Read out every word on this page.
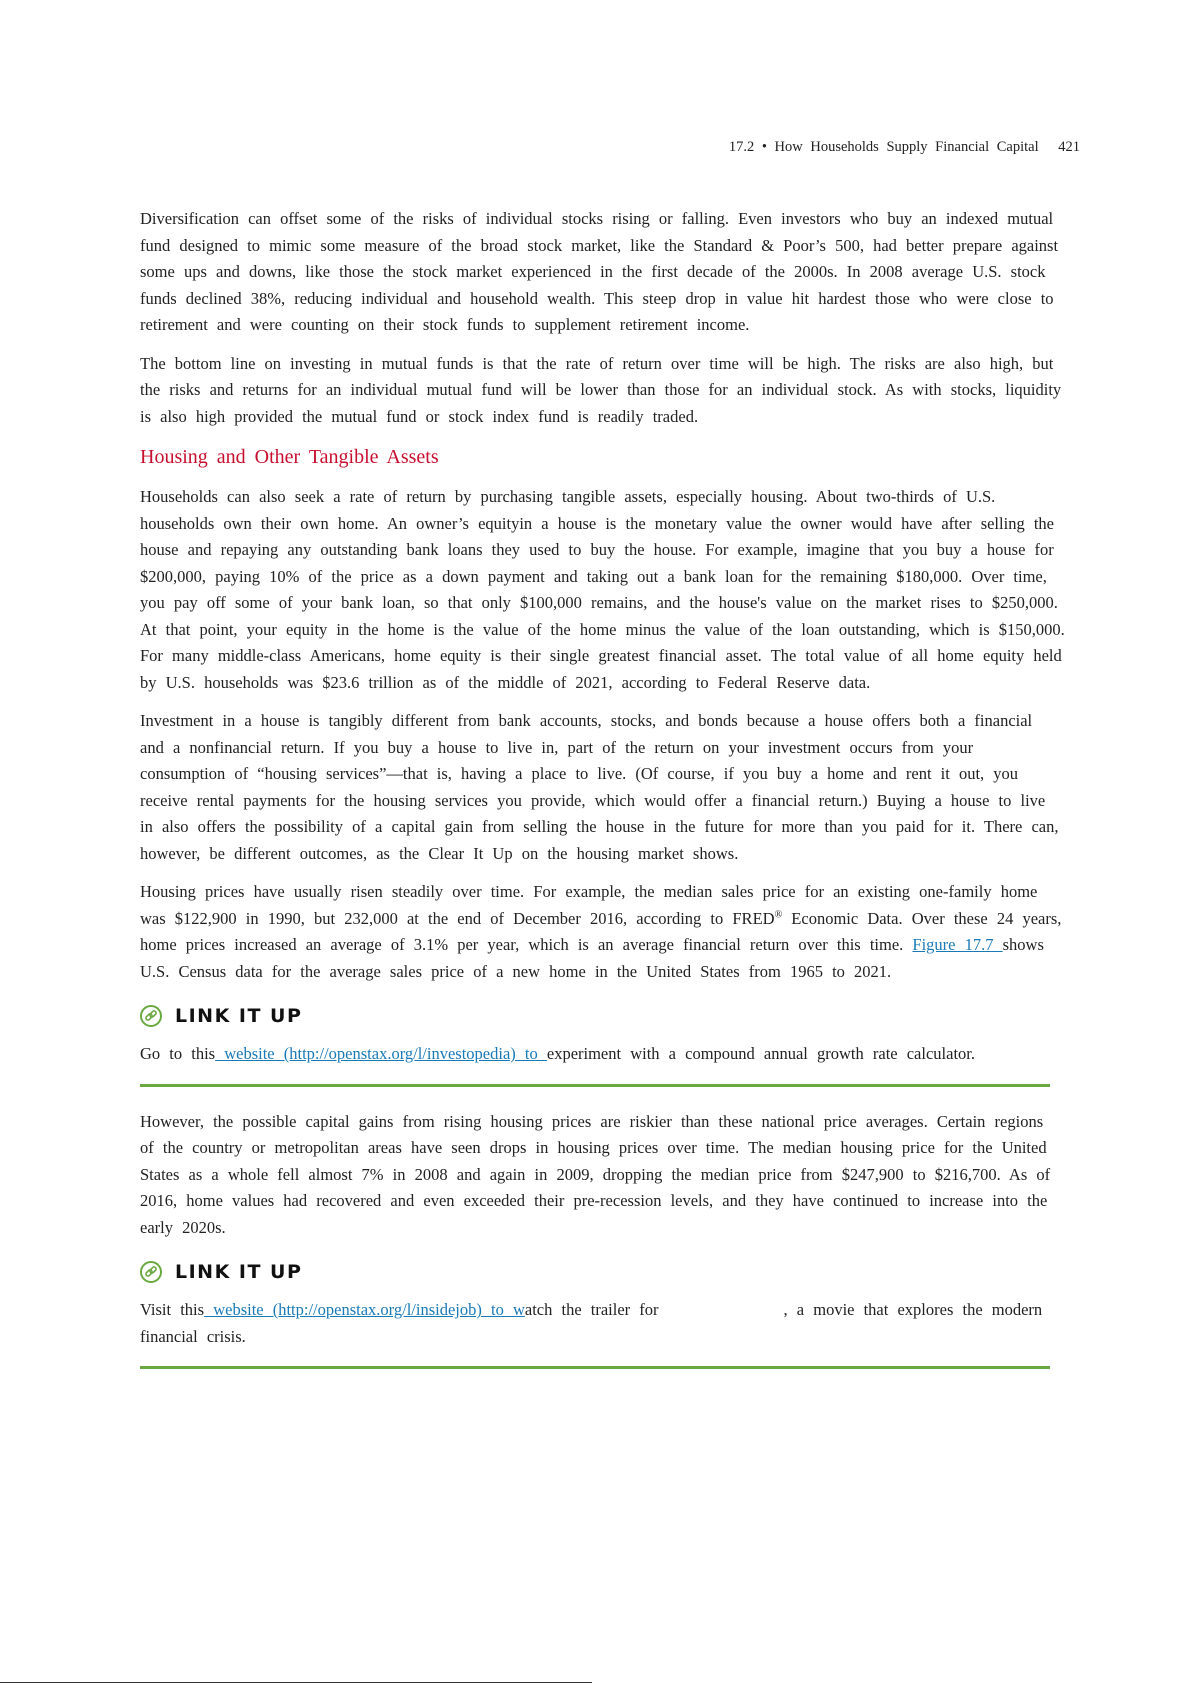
17.2 • How Households Supply Financial Capital 421

Diversification can offset some of the risks of individual stocks rising or falling. Even investors who buy an indexed mutual fund designed to mimic some measure of the broad stock market, like the Standard & Poor’s 500, had better prepare against some ups and downs, like those the stock market experienced in the first decade of the 2000s. In 2008 average U.S. stock funds declined 38%, reducing individual and household wealth. This steep drop in value hit hardest those who were close to retirement and were counting on their stock funds to supplement retirement income.

The bottom line on investing in mutual funds is that the rate of return over time will be high. The risks are also high, but the risks and returns for an individual mutual fund will be lower than those for an individual stock. As with stocks, liquidity is also high provided the mutual fund or stock index fund is readily traded.

Housing and Other Tangible Assets

Households can also seek a rate of return by purchasing tangible assets, especially housing. About two-thirds of U.S. households own their own home. An owner’s equityin a house is the monetary value the owner would have after selling the house and repaying any outstanding bank loans they used to buy the house. For example, imagine that you buy a house for $200,000, paying 10% of the price as a down payment and taking out a bank loan for the remaining $180,000. Over time, you pay off some of your bank loan, so that only $100,000 remains, and the house's value on the market rises to $250,000. At that point, your equity in the home is the value of the home minus the value of the loan outstanding, which is $150,000. For many middle-class Americans, home equity is their single greatest financial asset. The total value of all home equity held by U.S. households was $23.6 trillion as of the middle of 2021, according to Federal Reserve data.

Investment in a house is tangibly different from bank accounts, stocks, and bonds because a house offers both a financial and a nonfinancial return. If you buy a house to live in, part of the return on your investment occurs from your consumption of “housing services”—that is, having a place to live. (Of course, if you buy a home and rent it out, you receive rental payments for the housing services you provide, which would offer a financial return.) Buying a house to live in also offers the possibility of a capital gain from selling the house in the future for more than you paid for it. There can, however, be different outcomes, as the Clear It Up on the housing market shows.

Housing prices have usually risen steadily over time. For example, the median sales price for an existing one-family home was $122,900 in 1990, but 232,000 at the end of December 2016, according to FRED® Economic Data. Over these 24 years, home prices increased an average of 3.1% per year, which is an average financial return over this time. Figure 17.7 shows U.S. Census data for the average sales price of a new home in the United States from 1965 to 2021.

LINK IT UP

Go to this website (http://openstax.org/l/investopedia) to experiment with a compound annual growth rate calculator.

However, the possible capital gains from rising housing prices are riskier than these national price averages. Certain regions of the country or metropolitan areas have seen drops in housing prices over time. The median housing price for the United States as a whole fell almost 7% in 2008 and again in 2009, dropping the median price from $247,900 to $216,700. As of 2016, home values had recovered and even exceeded their pre-recession levels, and they have continued to increase into the early 2020s.

LINK IT UP

Visit this website (http://openstax.org/l/insidejob) to watch the trailer for	, a movie that explores the modern financial crisis.
